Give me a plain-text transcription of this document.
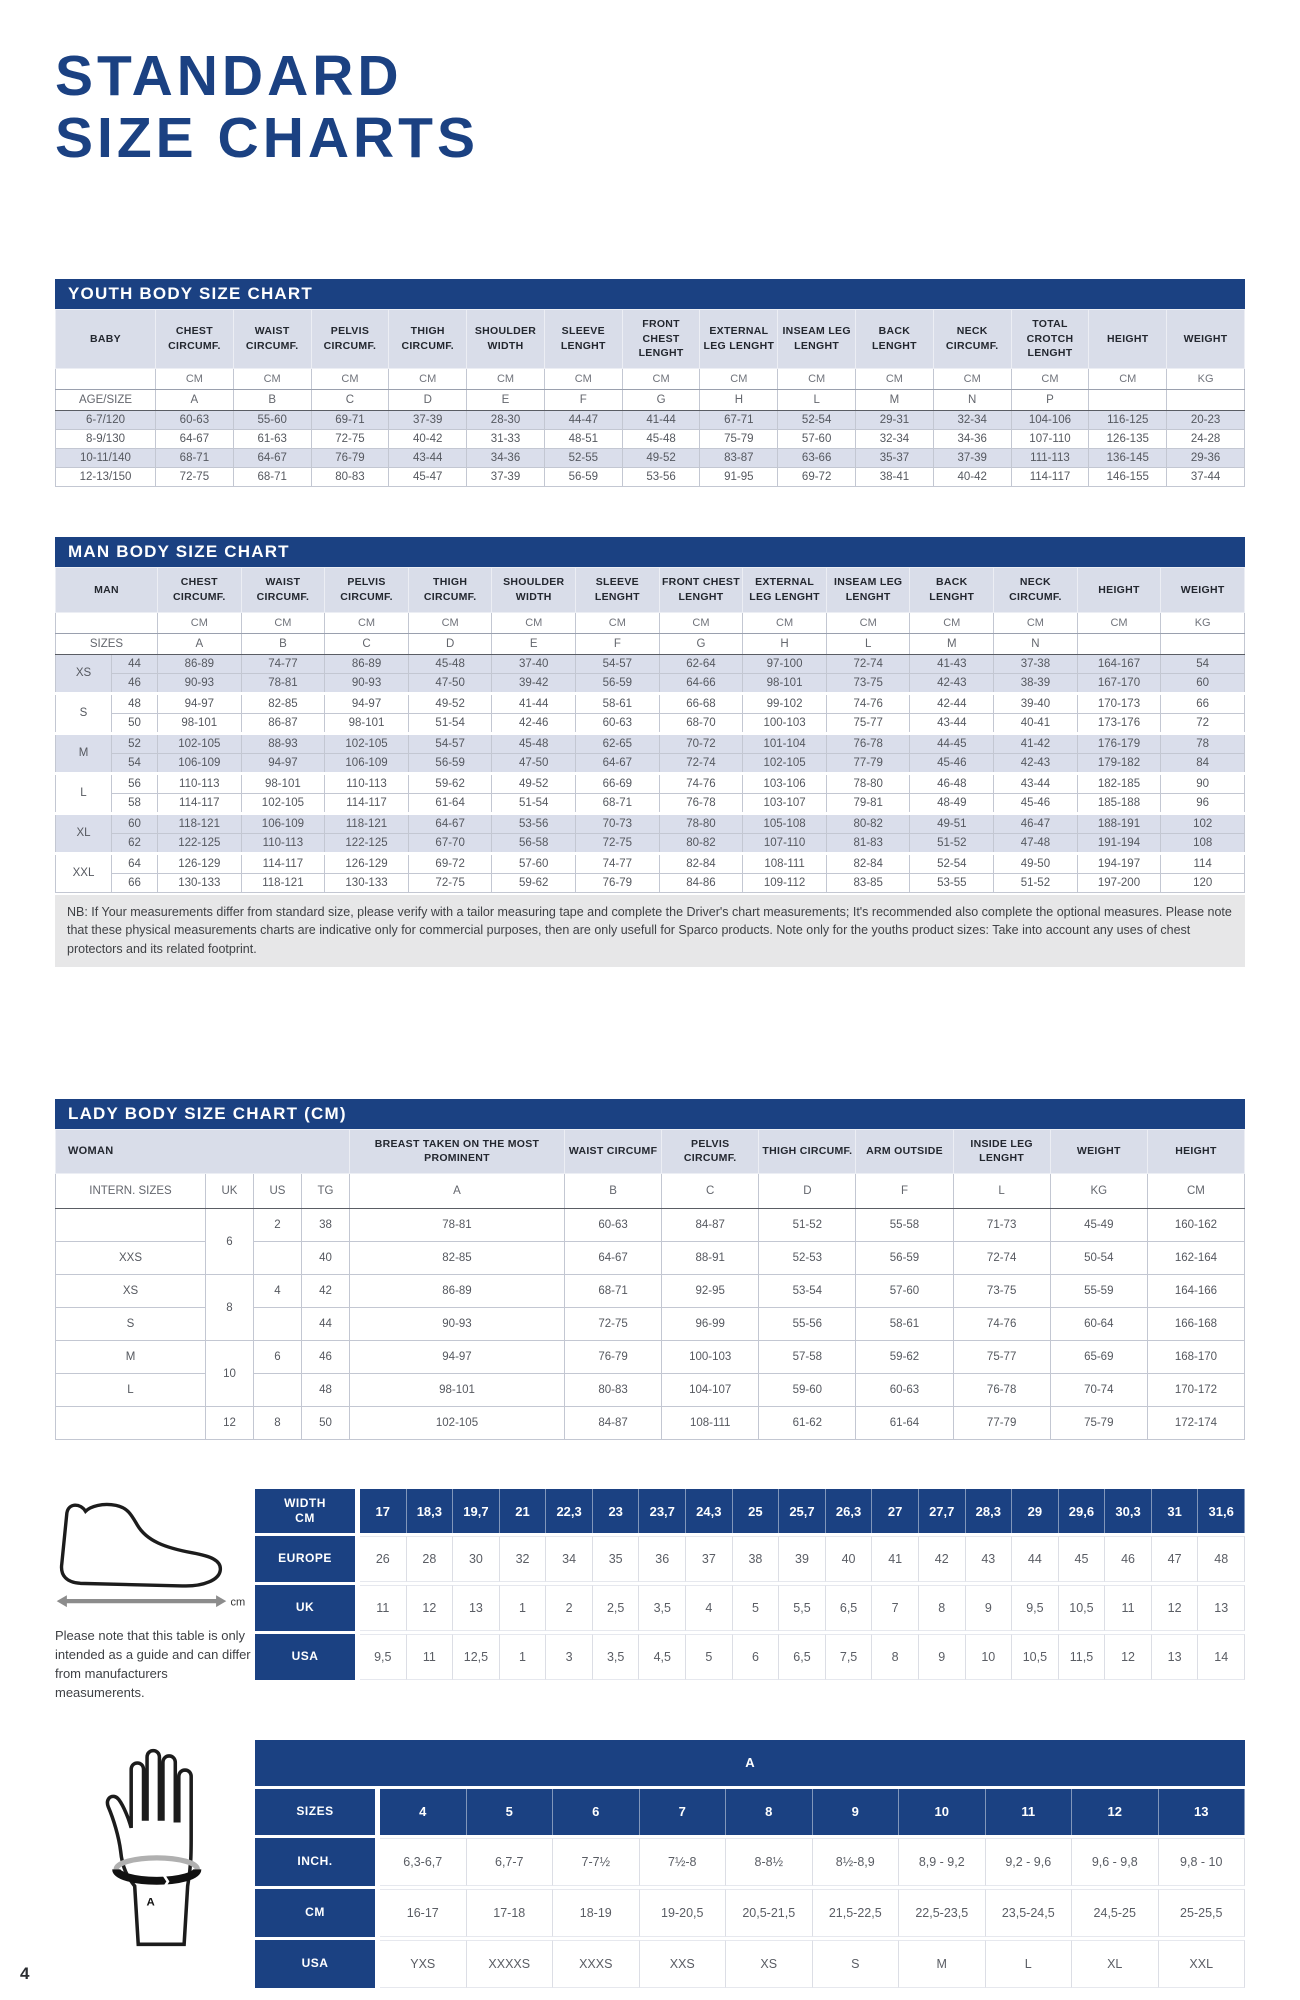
STANDARD
SIZE CHARTS
YOUTH BODY SIZE CHART
BABY	CHEST CIRCUMF.	WAIST CIRCUMF.	PELVIS CIRCUMF.	THIGH CIRCUMF.	SHOULDER WIDTH	SLEEVE LENGHT	FRONT CHEST LENGHT	EXTERNAL LEG LENGHT	INSEAM LEG LENGHT	BACK LENGHT	NECK CIRCUMF.	TOTAL CROTCH LENGHT	HEIGHT	WEIGHT
	CM	CM	CM	CM	CM	CM	CM	CM	CM	CM	CM	CM	CM	KG
AGE/SIZE	A	B	C	D	E	F	G	H	L	M	N	P		
6-7/120	60-63	55-60	69-71	37-39	28-30	44-47	41-44	67-71	52-54	29-31	32-34	104-106	116-125	20-23
8-9/130	64-67	61-63	72-75	40-42	31-33	48-51	45-48	75-79	57-60	32-34	34-36	107-110	126-135	24-28
10-11/140	68-71	64-67	76-79	43-44	34-36	52-55	49-52	83-87	63-66	35-37	37-39	111-113	136-145	29-36
12-13/150	72-75	68-71	80-83	45-47	37-39	56-59	53-56	91-95	69-72	38-41	40-42	114-117	146-155	37-44
MAN BODY SIZE CHART
MAN		CHEST CIRCUMF.	WAIST CIRCUMF.	PELVIS CIRCUMF.	THIGH CIRCUMF.	SHOULDER WIDTH	SLEEVE LENGHT	FRONT CHEST LENGHT	EXTERNAL LEG LENGHT	INSEAM LEG LENGHT	BACK LENGHT	NECK CIRCUMF.	HEIGHT	WEIGHT
		CM	CM	CM	CM	CM	CM	CM	CM	CM	CM	CM	CM	KG
SIZES		A	B	C	D	E	F	G	H	L	M	N		
XS	44	86-89	74-77	86-89	45-48	37-40	54-57	62-64	97-100	72-74	41-43	37-38	164-167	54
	46	90-93	78-81	90-93	47-50	39-42	56-59	64-66	98-101	73-75	42-43	38-39	167-170	60
S	48	94-97	82-85	94-97	49-52	41-44	58-61	66-68	99-102	74-76	42-44	39-40	170-173	66
	50	98-101	86-87	98-101	51-54	42-46	60-63	68-70	100-103	75-77	43-44	40-41	173-176	72
M	52	102-105	88-93	102-105	54-57	45-48	62-65	70-72	101-104	76-78	44-45	41-42	176-179	78
	54	106-109	94-97	106-109	56-59	47-50	64-67	72-74	102-105	77-79	45-46	42-43	179-182	84
L	56	110-113	98-101	110-113	59-62	49-52	66-69	74-76	103-106	78-80	46-48	43-44	182-185	90
	58	114-117	102-105	114-117	61-64	51-54	68-71	76-78	103-107	79-81	48-49	45-46	185-188	96
XL	60	118-121	106-109	118-121	64-67	53-56	70-73	78-80	105-108	80-82	49-51	46-47	188-191	102
	62	122-125	110-113	122-125	67-70	56-58	72-75	80-82	107-110	81-83	51-52	47-48	191-194	108
XXL	64	126-129	114-117	126-129	69-72	57-60	74-77	82-84	108-111	82-84	52-54	49-50	194-197	114
	66	130-133	118-121	130-133	72-75	59-62	76-79	84-86	109-112	83-85	53-55	51-52	197-200	120
NB: If Your measurements differ from standard size, please verify with a tailor measuring tape and complete the Driver's chart measurements; It's recommended also complete the optional measures. Please note that these physical measurements charts are indicative only for commercial purposes, then are only usefull for Sparco products. Note only for the youths product sizes: Take into account any uses of chest protectors and its related footprint.
LADY BODY SIZE CHART (CM)
WOMAN				BREAST TAKEN ON THE MOST PROMINENT	WAIST CIRCUMF	PELVIS CIRCUMF.	THIGH CIRCUMF.	ARM OUTSIDE	INSIDE LEG LENGHT	WEIGHT	HEIGHT
INTERN. SIZES	UK	US	TG	A	B	C	D	F	L	KG	CM
	6	2	38	78-81	60-63	84-87	51-52	55-58	71-73	45-49	160-162
XXS			40	82-85	64-67	88-91	52-53	56-59	72-74	50-54	162-164
XS	8	4	42	86-89	68-71	92-95	53-54	57-60	73-75	55-59	164-166
S			44	90-93	72-75	96-99	55-56	58-61	74-76	60-64	166-168
M	10	6	46	94-97	76-79	100-103	57-58	59-62	75-77	65-69	168-170
L			48	98-101	80-83	104-107	59-60	60-63	76-78	70-74	170-172
	12	8	50	102-105	84-87	108-111	61-62	61-64	77-79	75-79	172-174
cm
Please note that this table is only intended as a guide and can differ from manufacturers measumerents.
WIDTH
CM	17	18,3	19,7	21	22,3	23	23,7	24,3	25	25,7	26,3	27	27,7	28,3	29	29,6	30,3	31	31,6
EUROPE	26	28	30	32	34	35	36	37	38	39	40	41	42	43	44	45	46	47	48
UK	11	12	13	1	2	2,5	3,5	4	5	5,5	6,5	7	8	9	9,5	10,5	11	12	13
USA	9,5	11	12,5	1	3	3,5	4,5	5	6	6,5	7,5	8	9	10	10,5	11,5	12	13	14
❯
A
A										
SIZES	4	5	6	7	8	9	10	11	12	13
INCH.	6,3-6,7	6,7-7	7-7½	7½-8	8-8½	8½-8,9	8,9 - 9,2	9,2 - 9,6	9,6 - 9,8	9,8 - 10
CM	16-17	17-18	18-19	19-20,5	20,5-21,5	21,5-22,5	22,5-23,5	23,5-24,5	24,5-25	25-25,5
USA	YXS	XXXXS	XXXS	XXS	XS	S	M	L	XL	XXL
4
